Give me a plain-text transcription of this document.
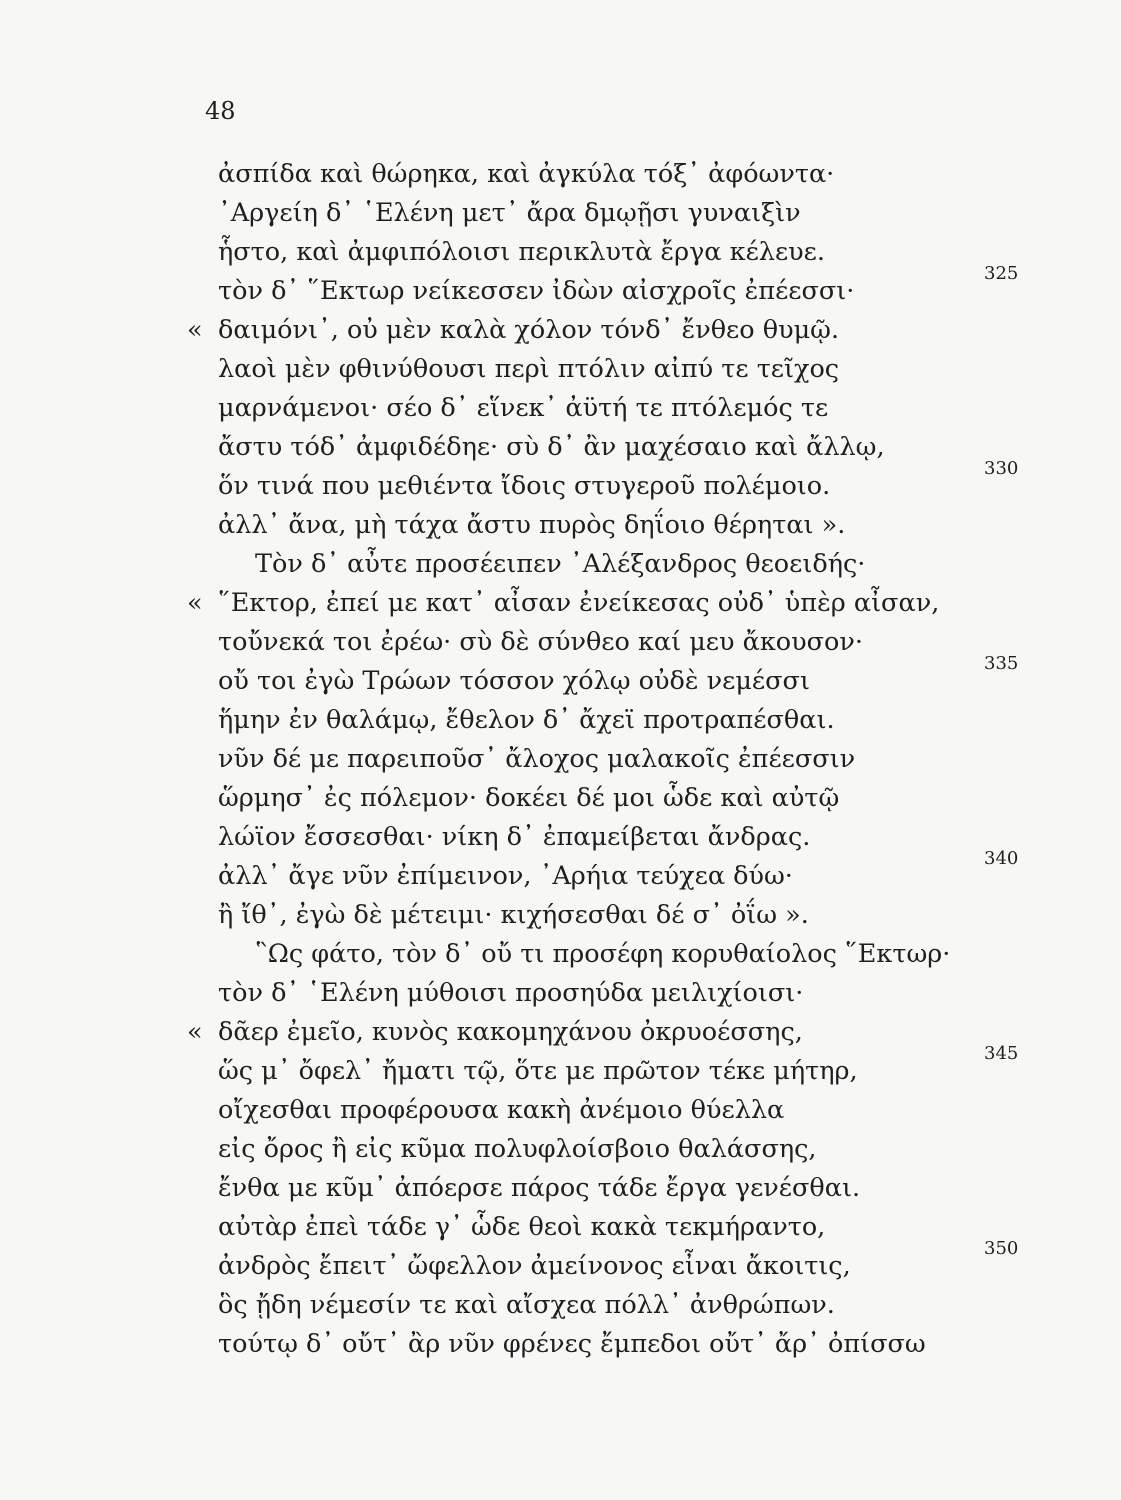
48
ἀσπίδα καὶ θώρηκα, καὶ ἀγκύλα τόξ᾽ ἀφόωντα·
᾽Αργείη δ᾽ ῾Ελένη μετ᾽ ἄρα δμῳῇσι γυναιξὶν
ἧστο, καὶ ἀμφιπόλοισι περικλυτὰ ἔργα κέλευε.
τὸν δ᾽ ῞Εκτωρ νείκεσσεν ἰδὼν αἰσχροῖς ἐπέεσσι·
325
« δαιμόνι᾽, οὐ μὲν καλὰ χόλον τόνδ᾽ ἔνθεο θυμῷ.
λαοὶ μὲν φθινύθουσι περὶ πτόλιν αἰπύ τε τεῖχος
μαρνάμενοι· σέο δ᾽ εἵνεκ᾽ ἀϋτή τε πτόλεμός τε
ἄστυ τόδ᾽ ἀμφιδέδηε· σὺ δ᾽ ἂν μαχέσαιο καὶ ἄλλῳ,
ὅν τινά που μεθιέντα ἴδοις στυγεροῦ πολέμοιο.
330
ἀλλ᾽ ἄνα, μὴ τάχα ἄστυ πυρὸς δηΐοιο θέρηται ».
Τὸν δ᾽ αὖτε προσέειπεν ᾽Αλέξανδρος θεοειδής·
« ῞Εκτορ, ἐπεί με κατ᾽ αἶσαν ἐνείκεσας οὐδ᾽ ὑπὲρ αἶσαν,
τοὔνεκά τοι ἐρέω· σὺ δὲ σύνθεο καί μευ ἄκουσον·
οὔ τοι ἐγὼ Τρώων τόσσον χόλῳ οὐδὲ νεμέσσι
335
ἥμην ἐν θαλάμῳ, ἔθελον δ᾽ ἄχεϊ προτραπέσθαι.
νῦν δέ με παρειποῦσ᾽ ἄλοχος μαλακοῖς ἐπέεσσιν
ὥρμησ᾽ ἐς πόλεμον· δοκέει δέ μοι ὧδε καὶ αὐτῷ
λώϊον ἔσσεσθαι· νίκη δ᾽ ἐπαμείβεται ἄνδρας.
ἀλλ᾽ ἄγε νῦν ἐπίμεινον, ᾽Αρήια τεύχεα δύω·
340
ἢ ἴθ᾽, ἐγὼ δὲ μέτειμι· κιχήσεσθαι δέ σ᾽ ὀΐω ».
῝Ως φάτο, τὸν δ᾽ οὔ τι προσέφη κορυθαίολος ῞Εκτωρ·
τὸν δ᾽ ῾Ελένη μύθοισι προσηύδα μειλιχίοισι·
« δᾶερ ἐμεῖο, κυνὸς κακομηχάνου ὀκρυοέσσης,
ὥς μ᾽ ὄφελ᾽ ἤματι τῷ, ὅτε με πρῶτον τέκε μήτηρ,
345
οἴχεσθαι προφέρουσα κακὴ ἀνέμοιο θύελλα
εἰς ὄρος ἢ εἰς κῦμα πολυφλοίσβοιο θαλάσσης,
ἔνθα με κῦμ᾽ ἀπόερσε πάρος τάδε ἔργα γενέσθαι.
αὐτὰρ ἐπεὶ τάδε γ᾽ ὧδε θεοὶ κακὰ τεκμήραντο,
ἀνδρὸς ἔπειτ᾽ ὤφελλον ἀμείνονος εἶναι ἄκοιτις,
350
ὃς ᾔδη νέμεσίν τε καὶ αἴσχεα πόλλ᾽ ἀνθρώπων.
τούτῳ δ᾽ οὔτ᾽ ἂρ νῦν φρένες ἔμπεδοι οὔτ᾽ ἄρ᾽ ὀπίσσω
